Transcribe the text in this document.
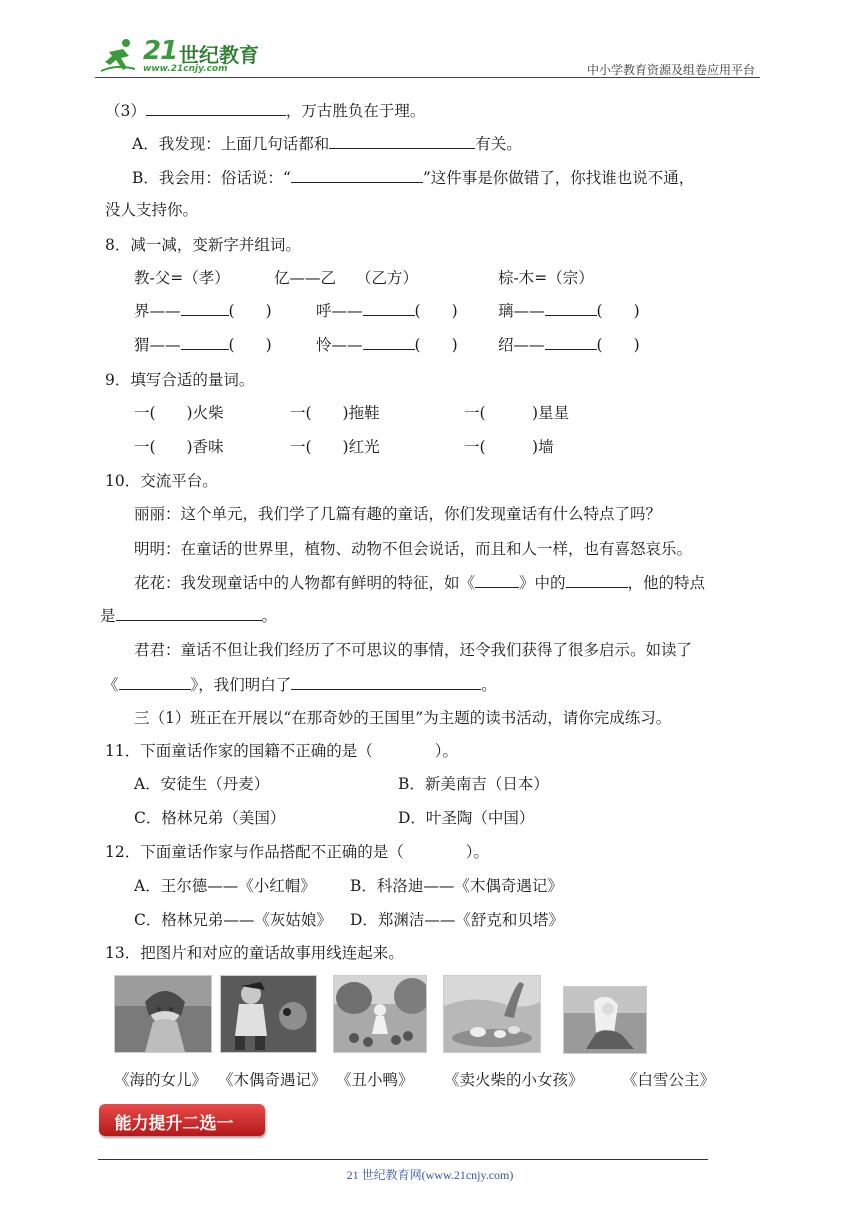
21 世纪教育
www.21cnjy.com	中小学教育资源及组卷应用平台
（3）	，万古胜负在于理。
A．我发现：上面几句话都和	有关。
B．我会用：俗话说：“	”这件事是你做错了，你找谁也说不通，
没人支持你。
8．减一减，变新字并组词。
教-父=（孝）	亿——乙 （乙方）	棕-木=（宗）
界——	(　　)	呼——	(　　)	璃——	(　　)
猬——	(　　)	怜——	(　　)	绍——	(　　)
9．填写合适的量词。
一(　　)火柴	一(　　)拖鞋	一(　　　)星星
一(　　)香味	一(　　)红光	一(　　　)墙
10．交流平台。
丽丽：这个单元，我们学了几篇有趣的童话，你们发现童话有什么特点了吗？
明明：在童话的世界里，植物、动物不但会说话，而且和人一样，也有喜怒哀乐。
花花：我发现童话中的人物都有鲜明的特征，如《	》中的	，他的特点
是	。
君君：童话不但让我们经历了不可思议的事情，还令我们获得了很多启示。如读了
《	》，我们明白了	。
三（1）班正在开展以“在那奇妙的王国里”为主题的读书活动，请你完成练习。
11．下面童话作家的国籍不正确的是（　　　　）。
A．安徒生（丹麦）	B．新美南吉（日本）
C．格林兄弟（美国）	D．叶圣陶（中国）
12．下面童话作家与作品搭配不正确的是（　　　　）。
A．王尔德——《小红帽》 B．科洛迪——《木偶奇遇记》
C．格林兄弟——《灰姑娘》 D．郑渊洁——《舒克和贝塔》
13．把图片和对应的童话故事用线连起来。
《海的女儿》 《木偶奇遇记》 《丑小鸭》 《卖火柴的小女孩》 《白雪公主》
能力提升二选一
21 世纪教育网(www.21cnjy.com)
